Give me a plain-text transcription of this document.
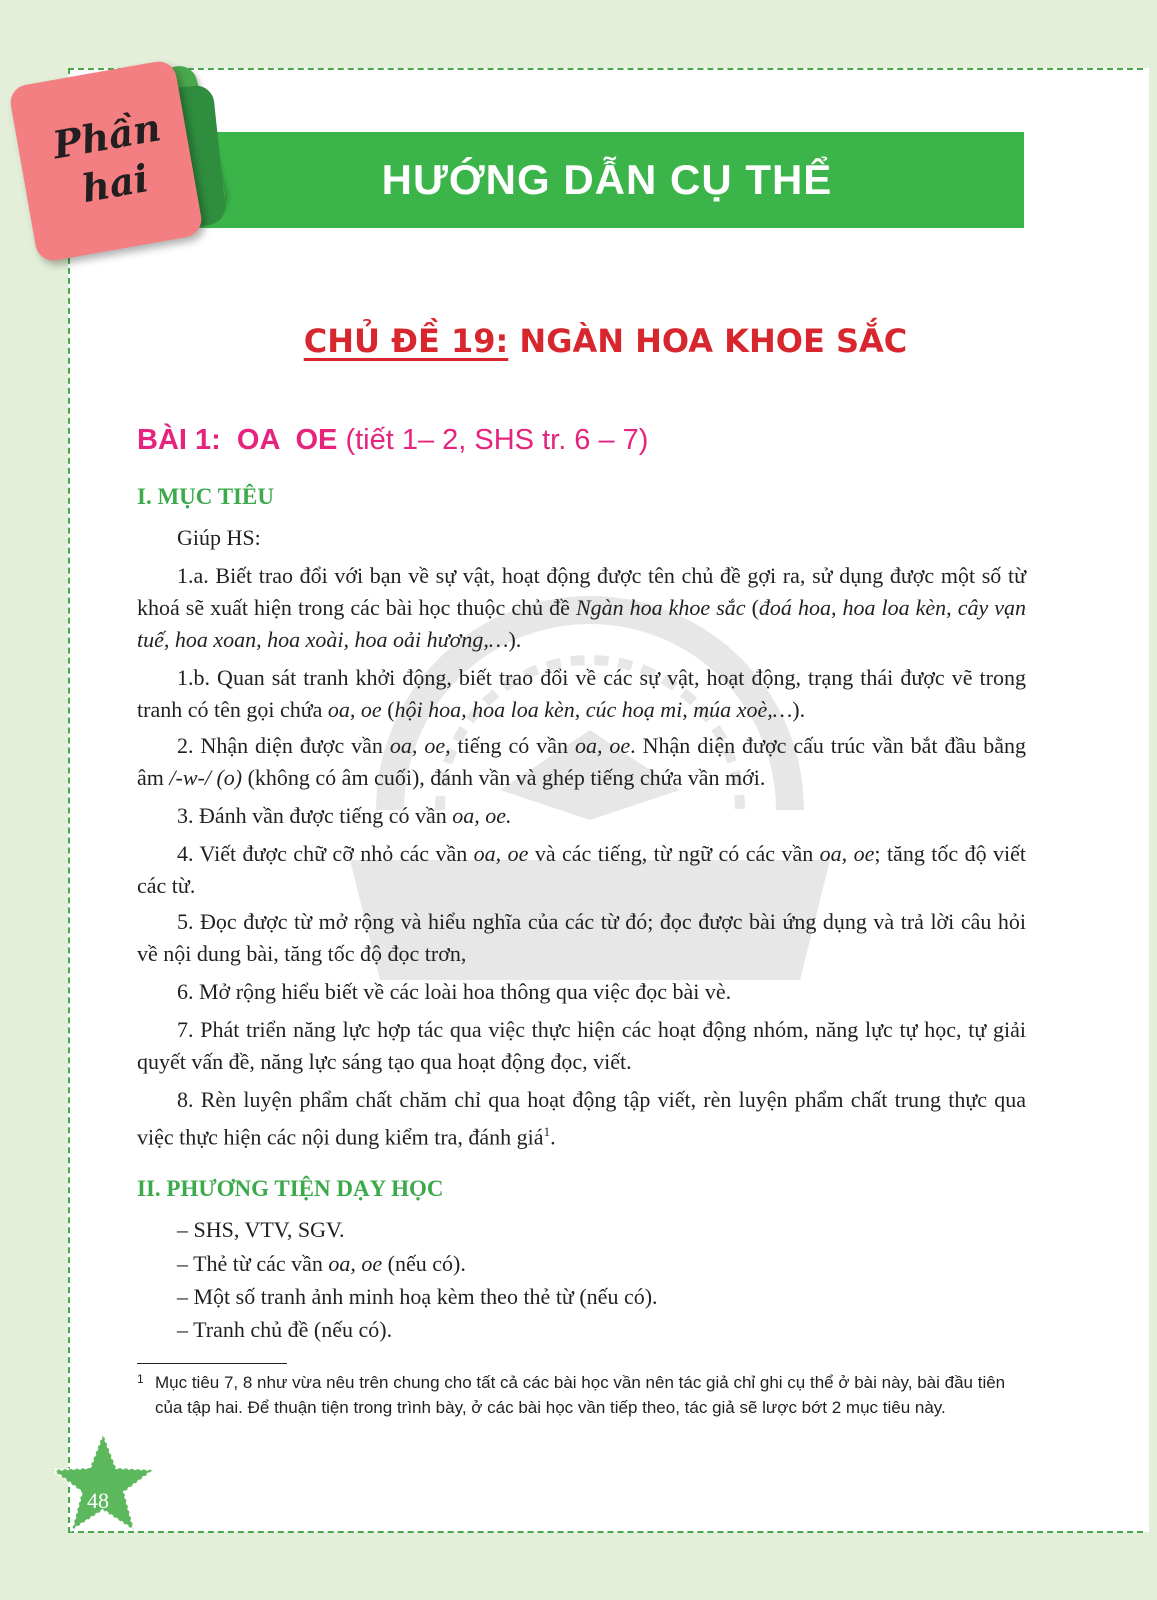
HƯỚNG DẪN CỤ THỂ
Phần
hai
CHỦ ĐỀ 19: NGÀN HOA KHOE SẮC
BÀI 1: OA  OE (tiết 1– 2, SHS tr. 6 – 7)
I. MỤC TIÊU
Giúp HS:
1.a. Biết trao đổi với bạn về sự vật, hoạt động được tên chủ đề gợi ra, sử dụng được một số từ khoá sẽ xuất hiện trong các bài học thuộc chủ đề Ngàn hoa khoe sắc (đoá hoa, hoa loa kèn, cây vạn tuế, hoa xoan, hoa xoài, hoa oải hương,…).
1.b. Quan sát tranh khởi động, biết trao đổi về các sự vật, hoạt động, trạng thái được vẽ trong tranh có tên gọi chứa oa, oe (hội hoa, hoa loa kèn, cúc hoạ mi, múa xoè,…).
2. Nhận diện được vần oa, oe, tiếng có vần oa, oe. Nhận diện được cấu trúc vần bắt đầu bằng âm /-w-/ (o) (không có âm cuối), đánh vần và ghép tiếng chứa vần mới.
3. Đánh vần được tiếng có vần oa, oe.
4. Viết được chữ cỡ nhỏ các vần oa, oe và các tiếng, từ ngữ có các vần oa, oe; tăng tốc độ viết các từ.
5. Đọc được từ mở rộng và hiểu nghĩa của các từ đó; đọc được bài ứng dụng và trả lời câu hỏi về nội dung bài, tăng tốc độ đọc trơn,
6. Mở rộng hiểu biết về các loài hoa thông qua việc đọc bài vè.
7. Phát triển năng lực hợp tác qua việc thực hiện các hoạt động nhóm, năng lực tự học, tự giải quyết vấn đề, năng lực sáng tạo qua hoạt động đọc, viết.
8. Rèn luyện phẩm chất chăm chỉ qua hoạt động tập viết, rèn luyện phẩm chất trung thực qua việc thực hiện các nội dung kiểm tra, đánh giá$^1$.
II. PHƯƠNG TIỆN DẠY HỌC
– SHS, VTV, SGV.
– Thẻ từ các vần oa, oe (nếu có).
– Một số tranh ảnh minh hoạ kèm theo thẻ từ (nếu có).
– Tranh chủ đề (nếu có).
1 Mục tiêu 7, 8 như vừa nêu trên chung cho tất cả các bài học vần nên tác giả chỉ ghi cụ thể ở bài này, bài đầu tiên của tập hai. Để thuận tiện trong trình bày, ở các bài học vần tiếp theo, tác giả sẽ lược bớt 2 mục tiêu này.
48
